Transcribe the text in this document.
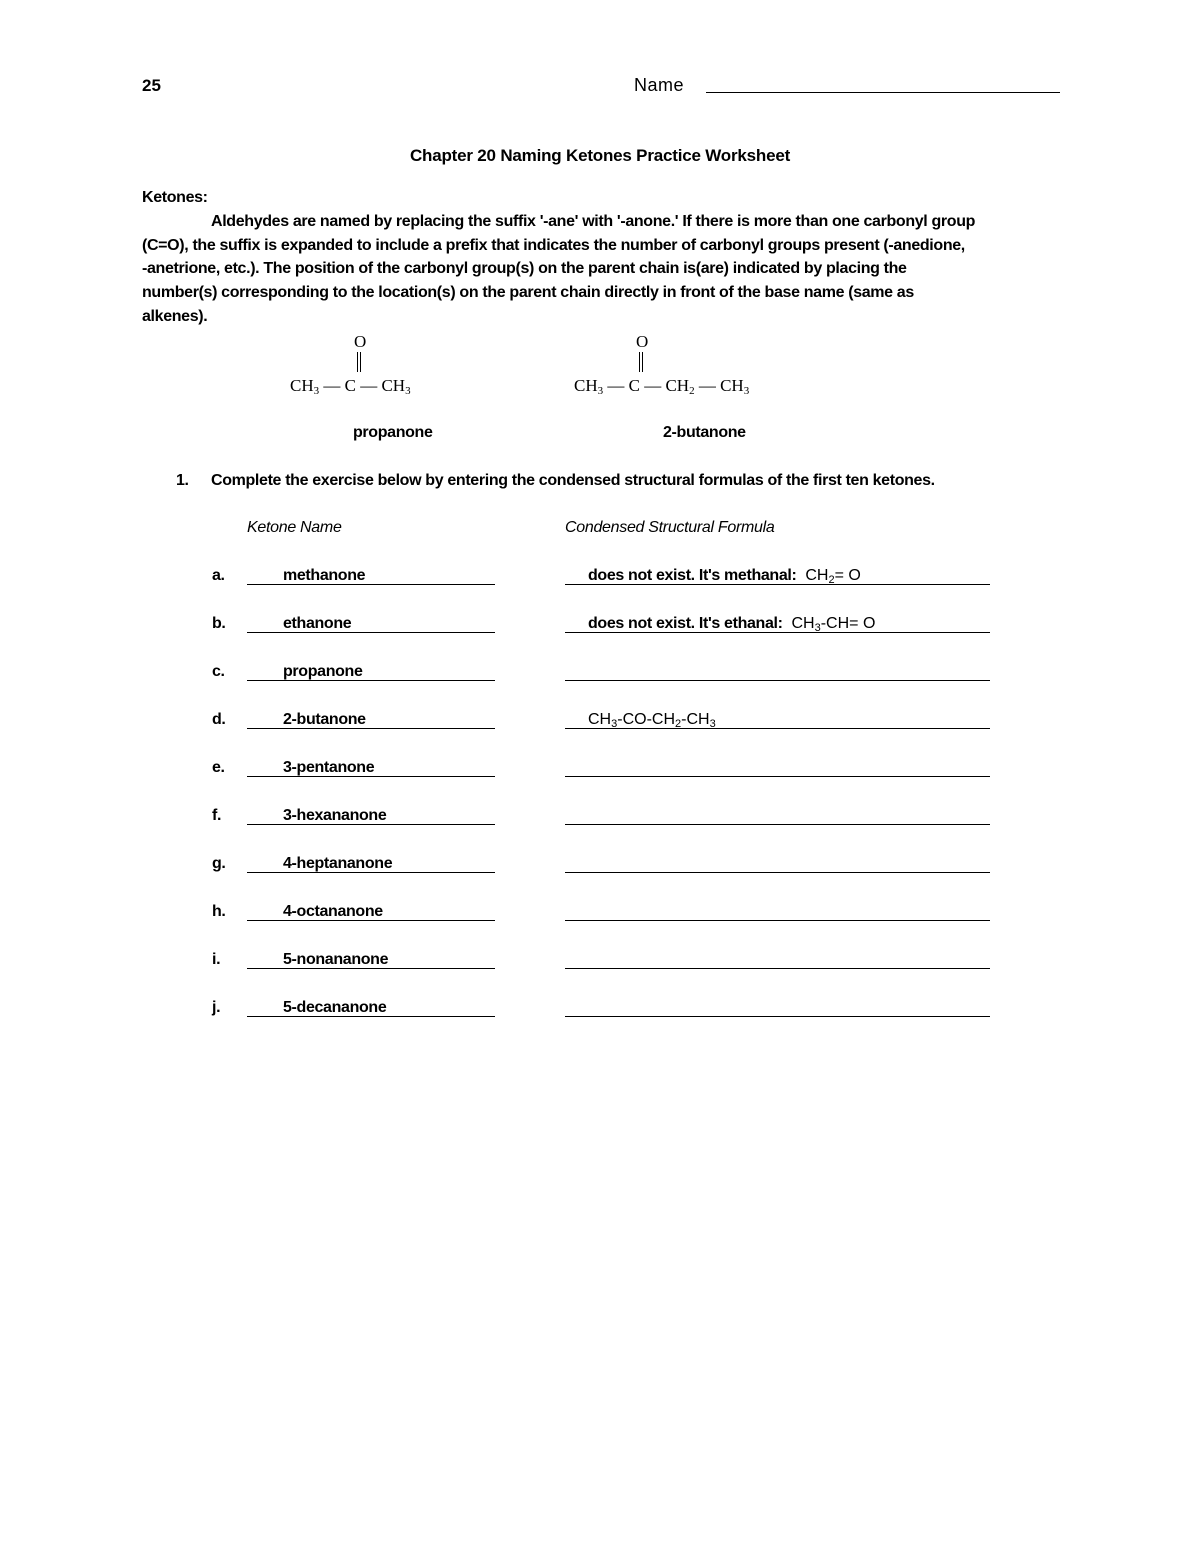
25	Name
Chapter 20 Naming Ketones Practice Worksheet
Ketones:
Aldehydes are named by replacing the suffix '-ane' with '-anone.' If there is more than one carbonyl group
(C=O), the suffix is expanded to include a prefix that indicates the number of carbonyl groups present (-anedione,
-anetrione, etc.). The position of the carbonyl group(s) on the parent chain is(are) indicated by placing the
number(s) corresponding to the location(s) on the parent chain directly in front of the base name (same as
alkenes).
O
$CH_3$ — C — $CH_3$
propanone
O
$CH_3$ — C — $CH_2$ — $CH_3$
2-butanone
1. Complete the exercise below by entering the condensed structural formulas of the first ten ketones.
Ketone Name	Condensed Structural Formula
a.	methanone	does not exist. It's methanal: $CH_2= O$
b.	ethanone	does not exist. It's ethanal: $CH_3-CH= O$
c.	propanone
d.	2-butanone	$CH_3-CO-CH_2-CH_3$
e.	3-pentanone
f.	3-hexananone
g.	4-heptananone
h.	4-octananone
i.	5-nonananone
j.	5-decananone
